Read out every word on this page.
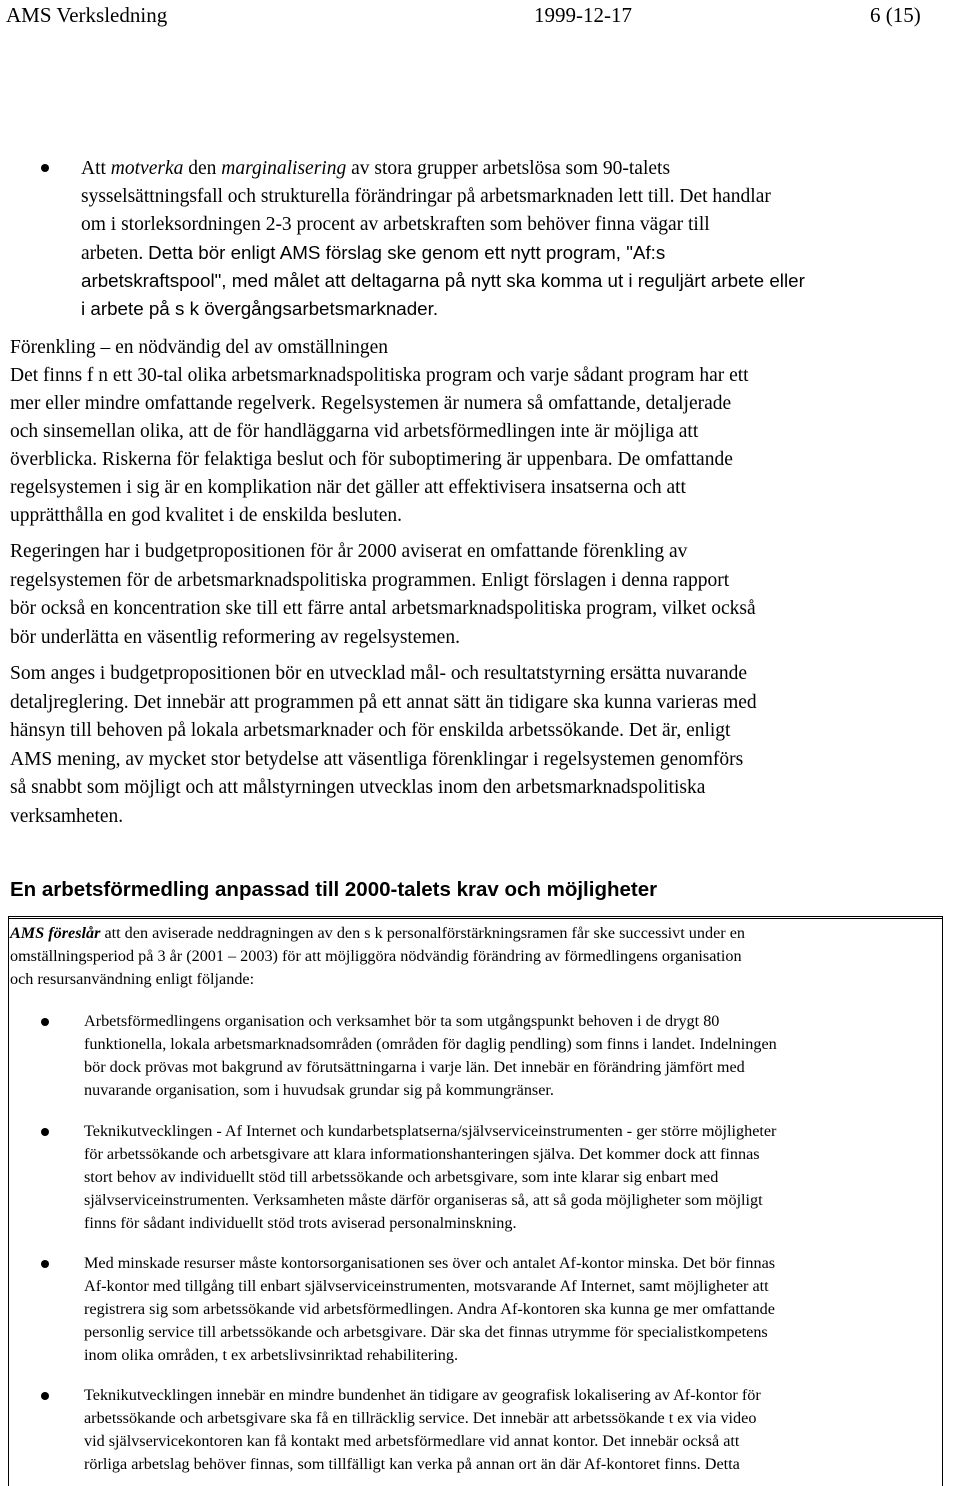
AMS Verksledning	1999-12-17	6 (15)
Att motverka den marginalisering av stora grupper arbetslösa som 90-talets
sysselsättningsfall och strukturella förändringar på arbetsmarknaden lett till. Det handlar
om i storleksordningen 2-3 procent av arbetskraften som behöver finna vägar till
arbeten. Detta bör enligt AMS förslag ske genom ett nytt program, "Af:s
arbetskraftspool", med målet att deltagarna på nytt ska komma ut i reguljärt arbete eller
i arbete på s k övergångsarbetsmarknader.
Förenkling – en nödvändig del av omställningen
Det finns f n ett 30-tal olika arbetsmarknadspolitiska program och varje sådant program har ett
mer eller mindre omfattande regelverk. Regelsystemen är numera så omfattande, detaljerade
och sinsemellan olika, att de för handläggarna vid arbetsförmedlingen inte är möjliga att
överblicka. Riskerna för felaktiga beslut och för suboptimering är uppenbara. De omfattande
regelsystemen i sig är en komplikation när det gäller att effektivisera insatserna och att
upprätthålla en god kvalitet i de enskilda besluten.
Regeringen har i budgetpropositionen för år 2000 aviserat en omfattande förenkling av
regelsystemen för de arbetsmarknadspolitiska programmen. Enligt förslagen i denna rapport
bör också en koncentration ske till ett färre antal arbetsmarknadspolitiska program, vilket också
bör underlätta en väsentlig reformering av regelsystemen.
Som anges i budgetpropositionen bör en utvecklad mål- och resultatstyrning ersätta nuvarande
detaljreglering. Det innebär att programmen på ett annat sätt än tidigare ska kunna varieras med
hänsyn till behoven på lokala arbetsmarknader och för enskilda arbetssökande. Det är, enligt
AMS mening, av mycket stor betydelse att väsentliga förenklingar i regelsystemen genomförs
så snabbt som möjligt och att målstyrningen utvecklas inom den arbetsmarknadspolitiska
verksamheten.
En arbetsförmedling anpassad till 2000-talets krav och möjligheter
AMS föreslår att den aviserade neddragningen av den s k personalförstärkningsramen får ske successivt under en
omställningsperiod på 3 år (2001 – 2003) för att möjliggöra nödvändig förändring av förmedlingens organisation
och resursanvändning enligt följande:
Arbetsförmedlingens organisation och verksamhet bör ta som utgångspunkt behoven i de drygt 80
funktionella, lokala arbetsmarknadsområden (områden för daglig pendling) som finns i landet. Indelningen
bör dock prövas mot bakgrund av förutsättningarna i varje län. Det innebär en förändring jämfört med
nuvarande organisation, som i huvudsak grundar sig på kommungränser.
Teknikutvecklingen - Af Internet och kundarbetsplatserna/självserviceinstrumenten - ger större möjligheter
för arbetssökande och arbetsgivare att klara informationshanteringen själva. Det kommer dock att finnas
stort behov av individuellt stöd till arbetssökande och arbetsgivare, som inte klarar sig enbart med
självserviceinstrumenten. Verksamheten måste därför organiseras så, att så goda möjligheter som möjligt
finns för sådant individuellt stöd trots aviserad personalminskning.
Med minskade resurser måste kontorsorganisationen ses över och antalet Af-kontor minska. Det bör finnas
Af-kontor med tillgång till enbart självserviceinstrumenten, motsvarande Af Internet, samt möjligheter att
registrera sig som arbetssökande vid arbetsförmedlingen. Andra Af-kontoren ska kunna ge mer omfattande
personlig service till arbetssökande och arbetsgivare. Där ska det finnas utrymme för specialistkompetens
inom olika områden, t ex arbetslivsinriktad rehabilitering.
Teknikutvecklingen innebär en mindre bundenhet än tidigare av geografisk lokalisering av Af-kontor för
arbetssökande och arbetsgivare ska få en tillräcklig service. Det innebär att arbetssökande t ex via video
vid självservicekontoren kan få kontakt med arbetsförmedlare vid annat kontor. Det innebär också att
rörliga arbetslag behöver finnas, som tillfälligt kan verka på annan ort än där Af-kontoret finns. Detta
